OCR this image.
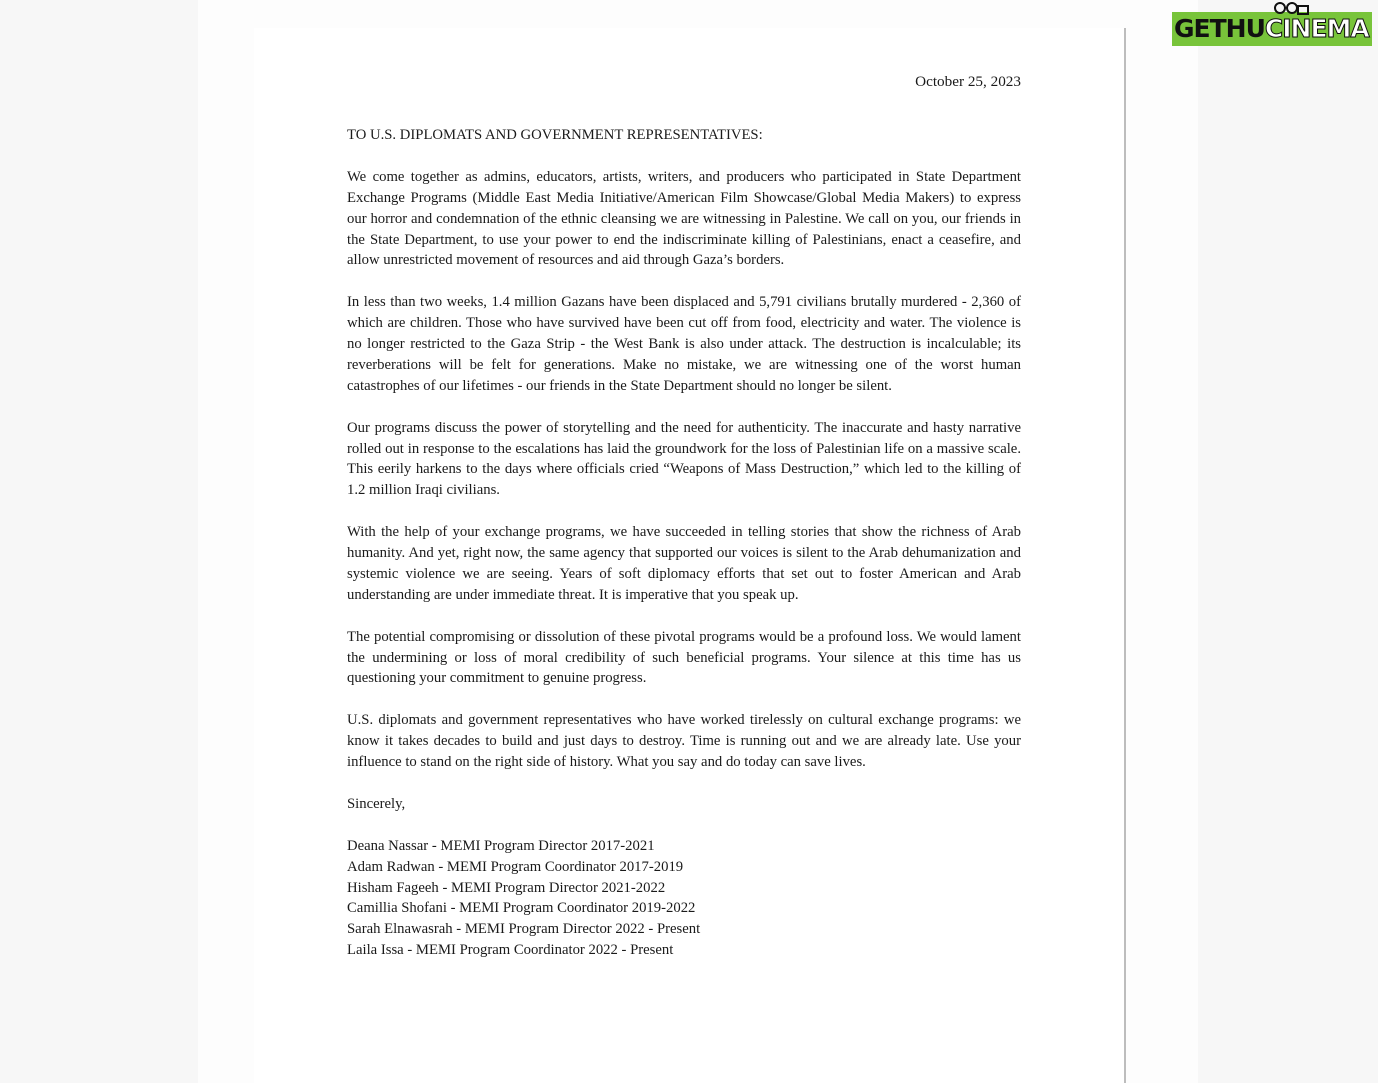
October 25, 2023

TO U.S. DIPLOMATS AND GOVERNMENT REPRESENTATIVES:

We come together as admins, educators, artists, writers, and producers who participated in State Department Exchange Programs (Middle East Media Initiative/American Film Showcase/Global Media Makers) to express our horror and condemnation of the ethnic cleansing we are witnessing in Palestine. We call on you, our friends in the State Department, to use your power to end the indiscriminate killing of Palestinians, enact a ceasefire, and allow unrestricted movement of resources and aid through Gaza’s borders.

In less than two weeks, 1.4 million Gazans have been displaced and 5,791 civilians brutally murdered - 2,360 of which are children. Those who have survived have been cut off from food, electricity and water. The violence is no longer restricted to the Gaza Strip - the West Bank is also under attack. The destruction is incalculable; its reverberations will be felt for generations. Make no mistake, we are witnessing one of the worst human catastrophes of our lifetimes - our friends in the State Department should no longer be silent.

Our programs discuss the power of storytelling and the need for authenticity. The inaccurate and hasty narrative rolled out in response to the escalations has laid the groundwork for the loss of Palestinian life on a massive scale. This eerily harkens to the days where officials cried “Weapons of Mass Destruction,” which led to the killing of 1.2 million Iraqi civilians.

With the help of your exchange programs, we have succeeded in telling stories that show the richness of Arab humanity. And yet, right now, the same agency that supported our voices is silent to the Arab dehumanization and systemic violence we are seeing. Years of soft diplomacy efforts that set out to foster American and Arab understanding are under immediate threat. It is imperative that you speak up.

The potential compromising or dissolution of these pivotal programs would be a profound loss. We would lament the undermining or loss of moral credibility of such beneficial programs. Your silence at this time has us questioning your commitment to genuine progress.

U.S. diplomats and government representatives who have worked tirelessly on cultural exchange programs: we know it takes decades to build and just days to destroy. Time is running out and we are already late. Use your influence to stand on the right side of history. What you say and do today can save lives.

Sincerely,

Deana Nassar - MEMI Program Director 2017-2021
Adam Radwan - MEMI Program Coordinator 2017-2019
Hisham Fageeh - MEMI Program Director 2021-2022
Camillia Shofani - MEMI Program Coordinator 2019-2022
Sarah Elnawasrah - MEMI Program Director 2022 - Present
Laila Issa - MEMI Program Coordinator 2022 - Present
GETHUCINEMA
